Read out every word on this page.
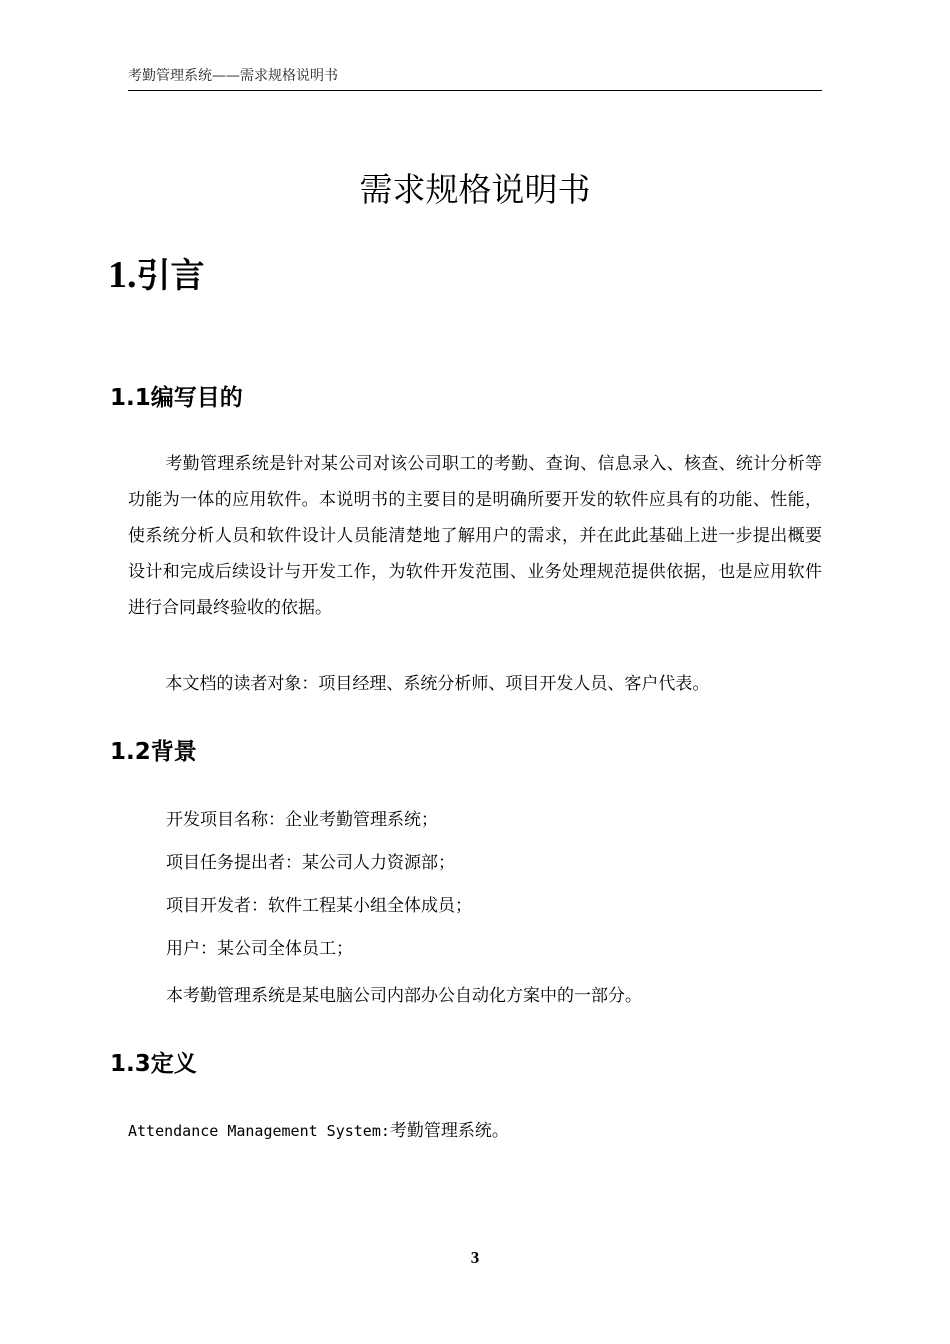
考勤管理系统——需求规格说明书
需求规格说明书
1.引言
1.1编写目的
考勤管理系统是针对某公司对该公司职工的考勤、查询、信息录入、核查、统计分析等功能为一体的应用软件。本说明书的主要目的是明确所要开发的软件应具有的功能、性能，使系统分析人员和软件设计人员能清楚地了解用户的需求，并在此此基础上进一步提出概要设计和完成后续设计与开发工作，为软件开发范围、业务处理规范提供依据，也是应用软件进行合同最终验收的依据。
本文档的读者对象：项目经理、系统分析师、项目开发人员、客户代表。
1.2背景
开发项目名称：企业考勤管理系统；
项目任务提出者：某公司人力资源部；
项目开发者：软件工程某小组全体成员；
用户：某公司全体员工；
本考勤管理系统是某电脑公司内部办公自动化方案中的一部分。
1.3定义
Attendance Management System:考勤管理系统。
3
